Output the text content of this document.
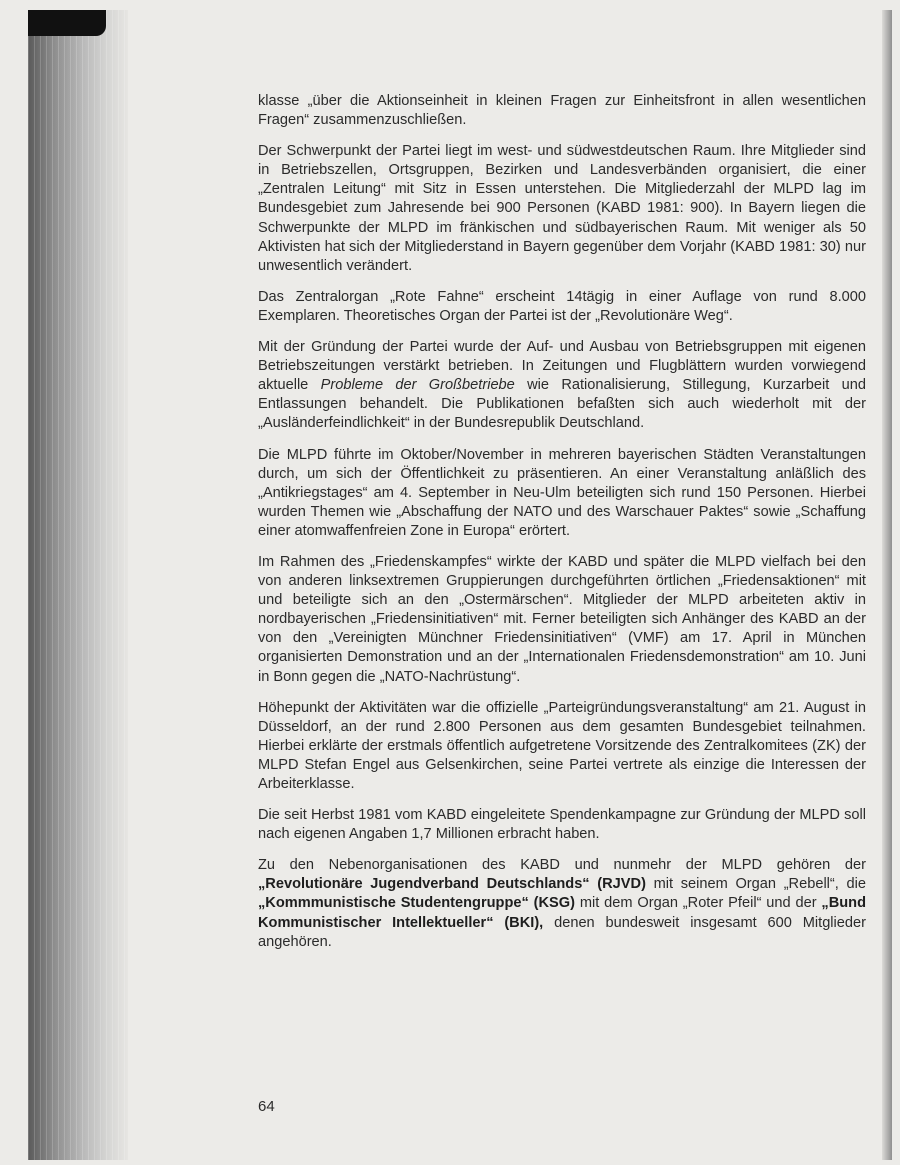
klasse „über die Aktionseinheit in kleinen Fragen zur Einheitsfront in allen wesentlichen Fragen“ zusammenzuschließen.

Der Schwerpunkt der Partei liegt im west- und südwestdeutschen Raum. Ihre Mitglieder sind in Betriebszellen, Ortsgruppen, Bezirken und Landesverbänden organisiert, die einer „Zentralen Leitung“ mit Sitz in Essen unterstehen. Die Mitgliederzahl der MLPD lag im Bundesgebiet zum Jahresende bei 900 Personen (KABD 1981: 900). In Bayern liegen die Schwerpunkte der MLPD im fränkischen und südbayerischen Raum. Mit weniger als 50 Aktivisten hat sich der Mitgliederstand in Bayern gegenüber dem Vorjahr (KABD 1981: 30) nur unwesentlich verändert.

Das Zentralorgan „Rote Fahne“ erscheint 14tägig in einer Auflage von rund 8.000 Exemplaren. Theoretisches Organ der Partei ist der „Revolutionäre Weg“.

Mit der Gründung der Partei wurde der Auf- und Ausbau von Betriebsgruppen mit eigenen Betriebszeitungen verstärkt betrieben. In Zeitungen und Flugblättern wurden vorwiegend aktuelle Probleme der Großbetriebe wie Rationalisierung, Stillegung, Kurzarbeit und Entlassungen behandelt. Die Publikationen befaßten sich auch wiederholt mit der „Ausländerfeindlichkeit“ in der Bundesrepublik Deutschland.

Die MLPD führte im Oktober/November in mehreren bayerischen Städten Veranstaltungen durch, um sich der Öffentlichkeit zu präsentieren. An einer Veranstaltung anläßlich des „Antikriegstages“ am 4. September in Neu-Ulm beteiligten sich rund 150 Personen. Hierbei wurden Themen wie „Abschaffung der NATO und des Warschauer Paktes“ sowie „Schaffung einer atomwaffenfreien Zone in Europa“ erörtert.

Im Rahmen des „Friedenskampfes“ wirkte der KABD und später die MLPD vielfach bei den von anderen linksextremen Gruppierungen durchgeführten örtlichen „Friedensaktionen“ mit und beteiligte sich an den „Ostermärschen“. Mitglieder der MLPD arbeiteten aktiv in nordbayerischen „Friedensinitiativen“ mit. Ferner beteiligten sich Anhänger des KABD an der von den „Vereinigten Münchner Friedensinitiativen“ (VMF) am 17. April in München organisierten Demonstration und an der „Internationalen Friedensdemonstration“ am 10. Juni in Bonn gegen die „NATO-Nachrüstung“.

Höhepunkt der Aktivitäten war die offizielle „Parteigründungsveranstaltung“ am 21. August in Düsseldorf, an der rund 2.800 Personen aus dem gesamten Bundesgebiet teilnahmen. Hierbei erklärte der erstmals öffentlich aufgetretene Vorsitzende des Zentralkomitees (ZK) der MLPD Stefan Engel aus Gelsenkirchen, seine Partei vertrete als einzige die Interessen der Arbeiterklasse.

Die seit Herbst 1981 vom KABD eingeleitete Spendenkampagne zur Gründung der MLPD soll nach eigenen Angaben 1,7 Millionen erbracht haben.

Zu den Nebenorganisationen des KABD und nunmehr der MLPD gehören der „Revolutionäre Jugendverband Deutschlands“ (RJVD) mit seinem Organ „Rebell“, die „Kommmunistische Studentengruppe“ (KSG) mit dem Organ „Roter Pfeil“ und der „Bund Kommunistischer Intellektueller“ (BKI), denen bundesweit insgesamt 600 Mitglieder angehören.

64
